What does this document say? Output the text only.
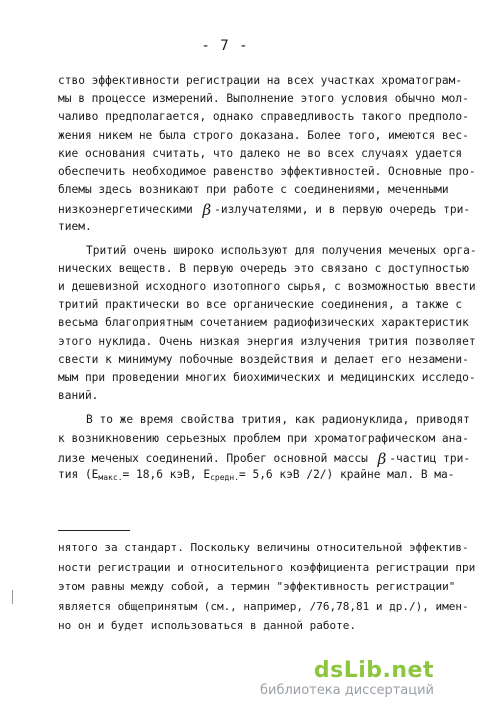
- 7 -
ство эффективности регистрации на всех участках хроматограм-
мы в процессе измерений. Выполнение этого условия обычно мол-
чаливо предполагается, однако справедливость такого предполо-
жения никем не была строго доказана. Более того, имеются вес-
кие основания считать, что далеко не во всех случаях удается
обеспечить необходимое равенство эффективностей. Основные про-
блемы здесь возникают при работе с соединениями, меченными
низкоэнергетическими β -излучателями, и в первую очередь три-
тием.
Тритий очень широко используют для получения меченых орга-
нических веществ. В первую очередь это связано с доступностью
и дешевизной исходного изотопного сырья, с возможностью ввести
тритий практически во все органические соединения, а также с
весьма благоприятным сочетанием радиофизических характеристик
этого нуклида. Очень низкая энергия излучения трития позволяет
свести к минимуму побочные воздействия и делает его незамени-
мым при проведении многих биохимических и медицинских исследо-
ваний.
В то же время свойства трития, как радионуклида, приводят
к возникновению серьезных проблем при хроматографическом ана-
лизе меченых соединений. Пробег основной массы β -частиц три-
тия ($E_{макс.}= 18,6$ кэВ, $E_{средн.}= 5,6$ кэВ /2/) крайне мал. В ма-
нятого за стандарт. Поскольку величины относительной эффектив-
ности регистрации и относительного коэффициента регистрации при
этом равны между собой, а термин "эффективность регистрации"
является общепринятым (см., например, /76,78,81 и др./), имен-
но он и будет использоваться в данной работе.
dsLib.net
библиотека диссертаций
